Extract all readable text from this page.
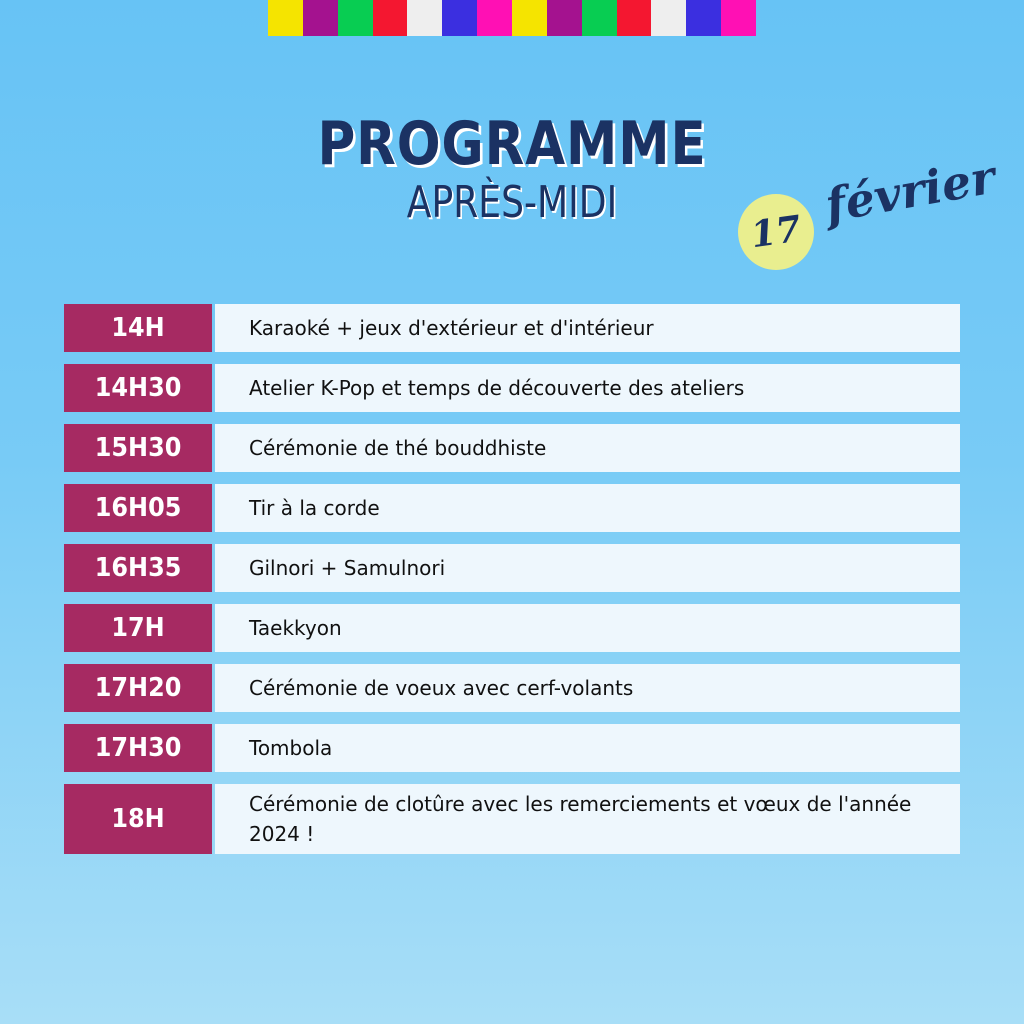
PROGRAMME
APRÈS-MIDI
17 février
14H	Karaoké + jeux d'extérieur et d'intérieur
14H30	Atelier K-Pop et temps de découverte des ateliers
15H30	Cérémonie de thé bouddhiste
16H05	Tir à la corde
16H35	Gilnori + Samulnori
17H	Taekkyon
17H20	Cérémonie de voeux avec cerf-volants
17H30	Tombola
18H	Cérémonie de clotûre avec les remerciements et vœux de l'année 2024 !
